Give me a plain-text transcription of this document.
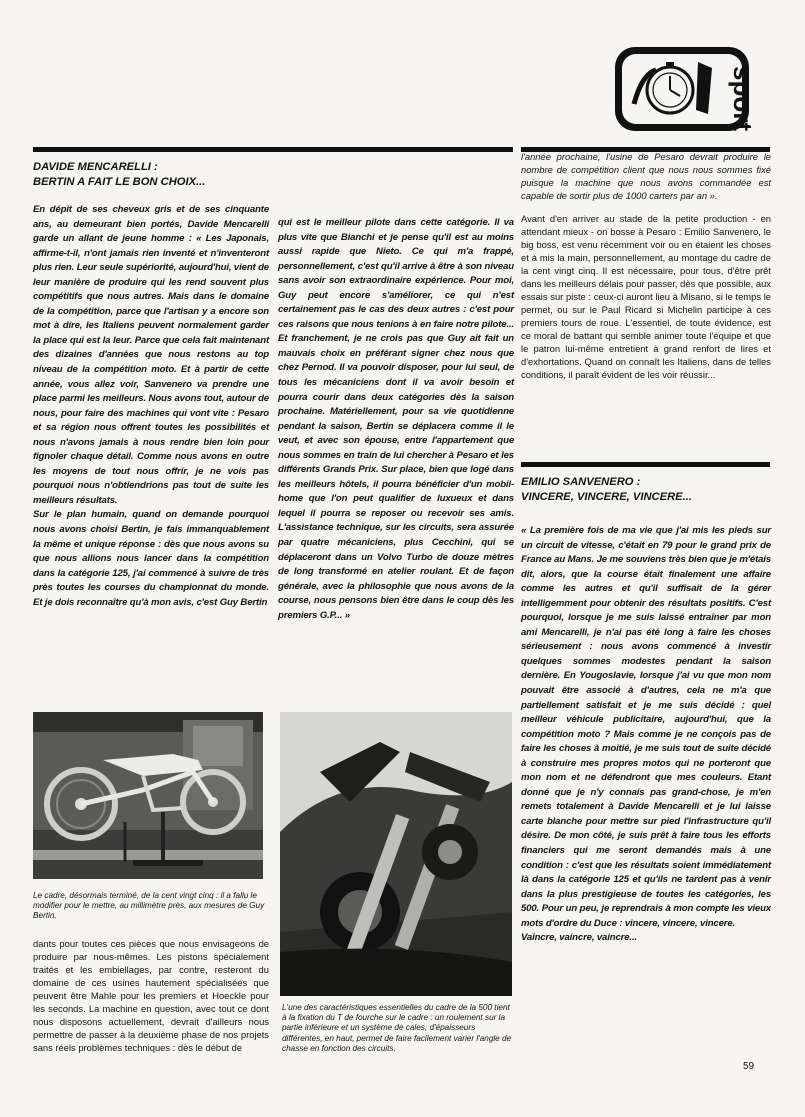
sport

DAVIDE MENCARELLI :

BERTIN A FAIT LE BON CHOIX...

En dépit de ses cheveux gris et de ses cinquante ans, au demeurant bien portés, Davide Mencarelli garde un allant de jeune homme : « Les Japonais, affirme-t-il, n'ont jamais rien inventé et n'inventeront plus rien. Leur seule supériorité, aujourd'hui, vient de leur manière de produire qui les rend souvent plus compétitifs que nous autres. Mais dans le domaine de la compétition, parce que l'artisan y a encore son mot à dire, les Italiens peuvent normalement garder la place qui est la leur. Parce que cela fait maintenant des dizaines d'années que nous restons au top niveau de la compétition moto. Et à partir de cette année, vous allez voir, Sanvenero va prendre une place parmi les meilleurs. Nous avons tout, autour de nous, pour faire des machines qui vont vite : Pesaro et sa région nous offrent toutes les possibilités et nous n'avons jamais à nous rendre bien loin pour fignoler chaque détail. Comme nous avons en outre les moyens de tout nous offrir, je ne vois pas pourquoi nous n'obtiendrions pas tout de suite les meilleurs résultats.

Sur le plan humain, quand on demande pourquoi nous avons choisi Bertin, je fais immanquablement la même et unique réponse : dès que nous avons su que nous allions nous lancer dans la compétition dans la catégorie 125, j'ai commencé à suivre de très près toutes les courses du championnat du monde. Et je dois reconnaître qu'à mon avis, c'est Guy Bertin

qui est le meilleur pilote dans cette catégorie. Il va plus vite que Bianchi et je pense qu'il est au moins aussi rapide que Nieto. Ce qui m'a frappé, personnellement, c'est qu'il arrive à être à son niveau sans avoir son extraordinaire expérience. Pour moi, Guy peut encore s'améliorer, ce qui n'est certainement pas le cas des deux autres : c'est pour ces raisons que nous tenions à en faire notre pilote... Et franchement, je ne crois pas que Guy ait fait un mauvais choix en préférant signer chez nous que chez Pernod. Il va pouvoir disposer, pour lui seul, de tous les mécaniciens dont il va avoir besoin et pourra courir dans deux catégories dès la saison prochaine. Matériellement, pour sa vie quotidienne pendant la saison, Bertin se déplacera comme il le veut, et avec son épouse, entre l'appartement que nous sommes en train de lui chercher à Pesaro et les différents Grands Prix. Sur place, bien que logé dans les meilleurs hôtels, il pourra bénéficier d'un mobil-home que l'on peut qualifier de luxueux et dans lequel il pourra se reposer ou recevoir ses amis. L'assistance technique, sur les circuits, sera assurée par quatre mécaniciens, plus Cecchini, qui se déplaceront dans un Volvo Turbo de douze mètres de long transformé en atelier roulant. Et de façon générale, avec la philosophie que nous avons de la course, nous pensons bien être dans le coup dès les premiers G.P... »

l'année prochaine, l'usine de Pesaro devrait produire le nombre de compétition client que nous nous sommes fixé puisque la machine que nous avons commandée est capable de sortir plus de 1000 carters par an ».

Avant d'en arriver au stade de la petite production - en attendant mieux - on bosse à Pesaro : Emilio Sanvenero, le big boss, est venu récemment voir ou en étaient les choses et à mis la main, personnellement, au montage du cadre de la cent vingt cinq. Il est nécessaire, pour tous, d'être prêt dans les meilleurs délais pour passer, dès que possible, aux essais sur piste : ceux-ci auront lieu à Misano, si le temps le permet, ou sur le Paul Ricard si Michelin participe à ces premiers tours de roue. L'essentiel, de toute évidence, est ce moral de battant qui semble animer toute l'équipe et que le patron lui-même entretient à grand renfort de lires et d'exhortations. Quand on connaît les Italiens, dans de telles conditions, il paraît évident de les voir réussir...

EMILIO SANVENERO :

VINCERE, VINCERE, VINCERE...

« La première fois de ma vie que j'ai mis les pieds sur un circuit de vitesse, c'était en 79 pour le grand prix de France au Mans. Je me souviens très bien que je m'étais dit, alors, que la course était finalement une affaire comme les autres et qu'il suffisait de la gérer intelligemment pour obtenir des résultats positifs. C'est pourquoi, lorsque je me suis laissé entraîner par mon ami Mencarelli, je n'ai pas été long à faire les choses sérieusement : nous avons commencé à investir quelques sommes modestes pendant la saison dernière. En Yougoslavie, lorsque j'ai vu que mon nom pouvait être associé à d'autres, cela ne m'a que partiellement satisfait et je me suis décidé : quel meilleur véhicule publicitaire, aujourd'hui, que la compétition moto ? Mais comme je ne conçois pas de faire les choses à moitié, je me suis tout de suite décidé à construire mes propres motos qui ne porteront que mon nom et ne défendront que mes couleurs. Etant donné que je n'y connais pas grand-chose, je m'en remets totalement à Davide Mencarelli et je lui laisse carte blanche pour mettre sur pied l'infrastructure qu'il désire. De mon côté, je suis prêt à faire tous les efforts financiers qui me seront demandés mais à une condition : c'est que les résultats soient immédiatement là dans la catégorie 125 et qu'ils ne tardent pas à venir dans la plus prestigieuse de toutes les catégories, les 500. Pour un peu, je reprendrais à mon compte les vieux mots d'ordre du Duce : vincere, vincere, vincere.

Vaincre, vaincre, vaincre...

Le cadre, désormais terminé, de la cent vingt cinq : il a fallu le modifier pour le mettre, au millimètre près, aux mesures de Guy Bertin.

L'une des caractéristiques essentielles du cadre de la 500 tient à la fixation du T de fourche sur le cadre : un roulement sur la partie inférieure et un système de cales, d'épaisseurs différentes, en haut, permet de faire facilement varier l'angle de chasse en fonction des circuits.

dants pour toutes ces pièces que nous envisageons de produire par nous-mêmes. Les pistons spécialement traités et les embiellages, par contre, resteront du domaine de ces usines hautement spécialisées que peuvent être Mahle pour les premiers et Hoeckle pour les seconds. La machine en question, avec tout ce dont nous disposons actuellement, devrait d'ailleurs nous permettre de passer à la deuxième phase de nos projets sans réels problèmes techniques : dès le début de

59
